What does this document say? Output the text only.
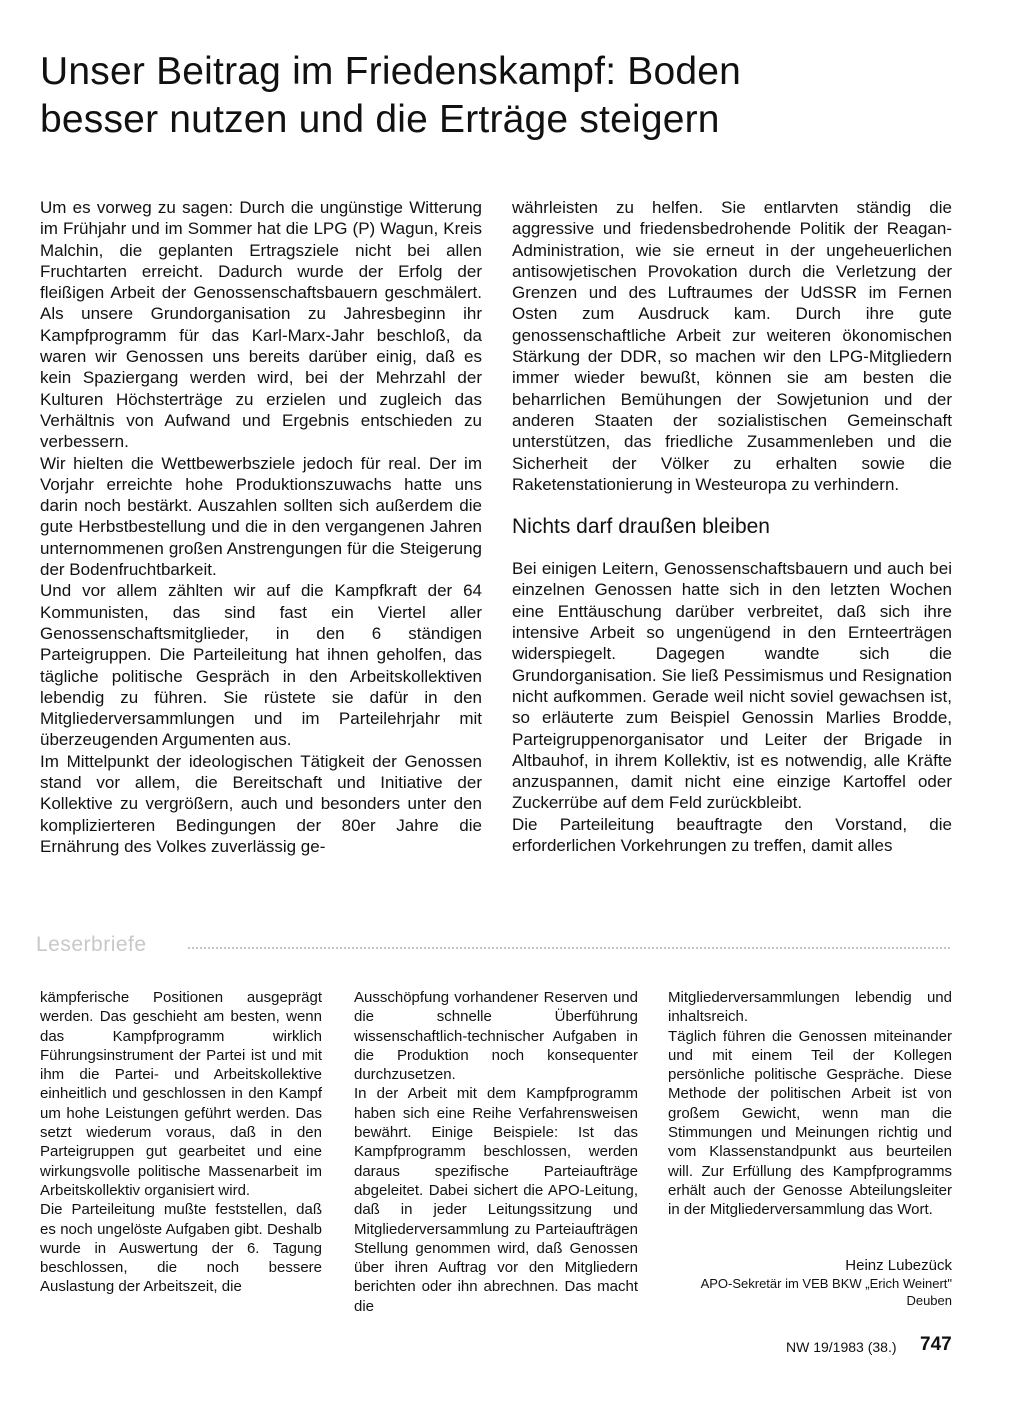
Unser Beitrag im Friedenskampf: Boden
besser nutzen und die Erträge steigern

Um es vorweg zu sagen: Durch die ungünstige Witterung im Frühjahr und im Sommer hat die LPG (P) Wagun, Kreis Malchin, die geplanten Ertragsziele nicht bei allen Fruchtarten erreicht. Dadurch wurde der Erfolg der fleißigen Arbeit der Genossenschaftsbauern geschmälert. Als unsere Grundorganisation zu Jahresbeginn ihr Kampfprogramm für das Karl-Marx-Jahr beschloß, da waren wir Genossen uns bereits darüber einig, daß es kein Spaziergang werden wird, bei der Mehrzahl der Kulturen Höchsterträge zu erzielen und zugleich das Verhältnis von Aufwand und Ergebnis entschieden zu verbessern.

Wir hielten die Wettbewerbsziele jedoch für real. Der im Vorjahr erreichte hohe Produktionszuwachs hatte uns darin noch bestärkt. Auszahlen sollten sich außerdem die gute Herbstbestellung und die in den vergangenen Jahren unternommenen großen Anstrengungen für die Steigerung der Bodenfruchtbarkeit.

Und vor allem zählten wir auf die Kampfkraft der 64 Kommunisten, das sind fast ein Viertel aller Genossenschaftsmitglieder, in den 6 ständigen Parteigruppen. Die Parteileitung hat ihnen geholfen, das tägliche politische Gespräch in den Arbeitskollektiven lebendig zu führen. Sie rüstete sie dafür in den Mitgliederversammlungen und im Parteilehrjahr mit überzeugenden Argumenten aus.

Im Mittelpunkt der ideologischen Tätigkeit der Genossen stand vor allem, die Bereitschaft und Initiative der Kollektive zu vergrößern, auch und besonders unter den komplizierteren Bedingungen der 80er Jahre die Ernährung des Volkes zuverlässig ge-

währleisten zu helfen. Sie entlarvten ständig die aggressive und friedensbedrohende Politik der Reagan-Administration, wie sie erneut in der ungeheuerlichen antisowjetischen Provokation durch die Verletzung der Grenzen und des Luftraumes der UdSSR im Fernen Osten zum Ausdruck kam. Durch ihre gute genossenschaftliche Arbeit zur weiteren ökonomischen Stärkung der DDR, so machen wir den LPG-Mitgliedern immer wieder bewußt, können sie am besten die beharrlichen Bemühungen der Sowjetunion und der anderen Staaten der sozialistischen Gemeinschaft unterstützen, das friedliche Zusammenleben und die Sicherheit der Völker zu erhalten sowie die Raketenstationierung in Westeuropa zu verhindern.

Nichts darf draußen bleiben

Bei einigen Leitern, Genossenschaftsbauern und auch bei einzelnen Genossen hatte sich in den letzten Wochen eine Enttäuschung darüber verbreitet, daß sich ihre intensive Arbeit so ungenügend in den Ernteerträgen widerspiegelt. Dagegen wandte sich die Grundorganisation. Sie ließ Pessimismus und Resignation nicht aufkommen. Gerade weil nicht soviel gewachsen ist, so erläuterte zum Beispiel Genossin Marlies Brodde, Parteigruppenorganisator und Leiter der Brigade in Altbauhof, in ihrem Kollektiv, ist es notwendig, alle Kräfte anzuspannen, damit nicht eine einzige Kartoffel oder Zuckerrübe auf dem Feld zurückbleibt.

Die Parteileitung beauftragte den Vorstand, die erforderlichen Vorkehrungen zu treffen, damit alles

Leserbriefe

kämpferische Positionen ausgeprägt werden. Das geschieht am besten, wenn das Kampfprogramm wirklich Führungsinstrument der Partei ist und mit ihm die Partei- und Arbeitskollektive einheitlich und geschlossen in den Kampf um hohe Leistungen geführt werden. Das setzt wiederum voraus, daß in den Parteigruppen gut gearbeitet und eine wirkungsvolle politische Massenarbeit im Arbeitskollektiv organisiert wird.

Die Parteileitung mußte feststellen, daß es noch ungelöste Aufgaben gibt. Deshalb wurde in Auswertung der 6. Tagung beschlossen, die noch bessere Auslastung der Arbeitszeit, die

Ausschöpfung vorhandener Reserven und die schnelle Überführung wissenschaftlich-technischer Aufgaben in die Produktion noch konsequenter durchzusetzen.

In der Arbeit mit dem Kampfprogramm haben sich eine Reihe Verfahrensweisen bewährt. Einige Beispiele: Ist das Kampfprogramm beschlossen, werden daraus spezifische Parteiaufträge abgeleitet. Dabei sichert die APO-Leitung, daß in jeder Leitungssitzung und Mitgliederversammlung zu Parteiaufträgen Stellung genommen wird, daß Genossen über ihren Auftrag vor den Mitgliedern berichten oder ihn abrechnen. Das macht die

Mitgliederversammlungen lebendig und inhaltsreich.

Täglich führen die Genossen miteinander und mit einem Teil der Kollegen persönliche politische Gespräche. Diese Methode der politischen Arbeit ist von großem Gewicht, wenn man die Stimmungen und Meinungen richtig und vom Klassenstandpunkt aus beurteilen will. Zur Erfüllung des Kampfprogramms erhält auch der Genosse Abteilungsleiter in der Mitgliederversammlung das Wort.

Heinz Lubezück

APO-Sekretär im VEB BKW „Erich Weinert"

Deuben

NW 19/1983 (38.) 747
